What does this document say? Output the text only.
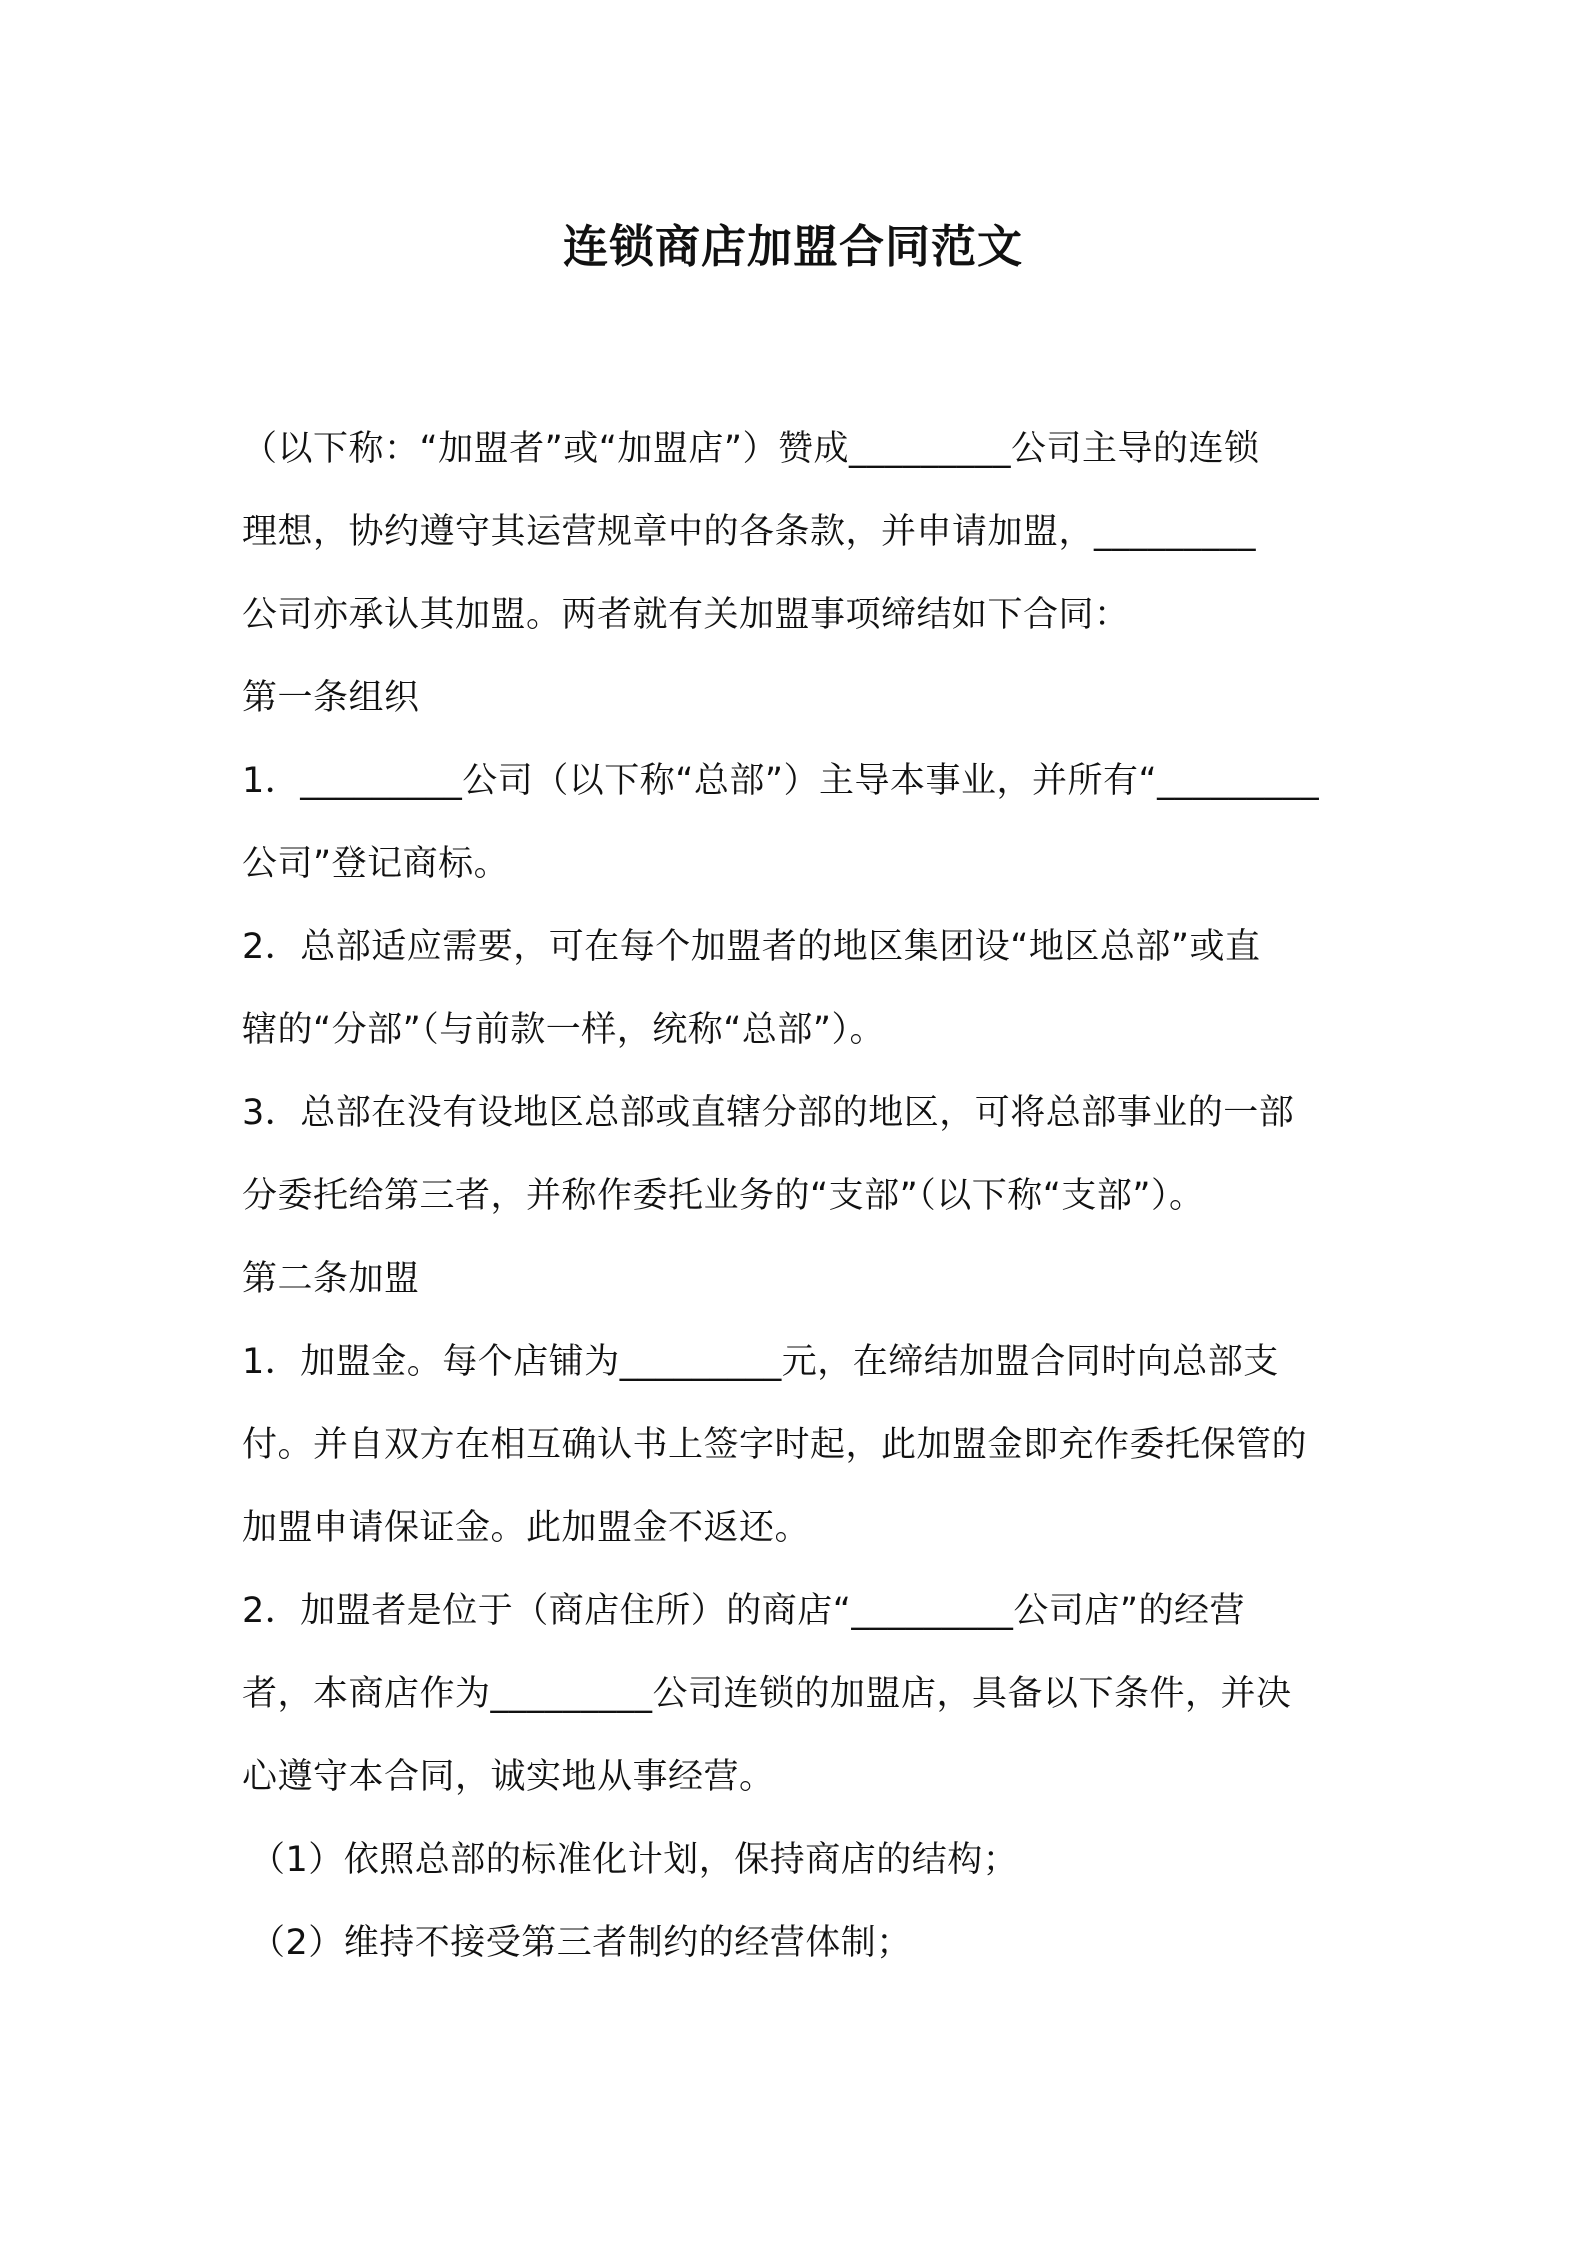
连锁商店加盟合同范文
（以下称：“加盟者”或“加盟店”）赞成_________公司主导的连锁
理想，协约遵守其运营规章中的各条款，并申请加盟，_________
公司亦承认其加盟。两者就有关加盟事项缔结如下合同：
第一条组织
1．_________公司（以下称“总部”）主导本事业，并所有“_________
公司”登记商标。
2．总部适应需要，可在每个加盟者的地区集团设“地区总部”或直
辖的“分部”（与前款一样，统称“总部”）。
3．总部在没有设地区总部或直辖分部的地区，可将总部事业的一部
分委托给第三者，并称作委托业务的“支部”（以下称“支部”）。
第二条加盟
1．加盟金。每个店铺为_________元，在缔结加盟合同时向总部支
付。并自双方在相互确认书上签字时起，此加盟金即充作委托保管的
加盟申请保证金。此加盟金不返还。
2．加盟者是位于（商店住所）的商店“_________公司店”的经营
者，本商店作为_________公司连锁的加盟店，具备以下条件，并决
心遵守本合同，诚实地从事经营。
（1）依照总部的标准化计划，保持商店的结构；
（2）维持不接受第三者制约的经营体制；
